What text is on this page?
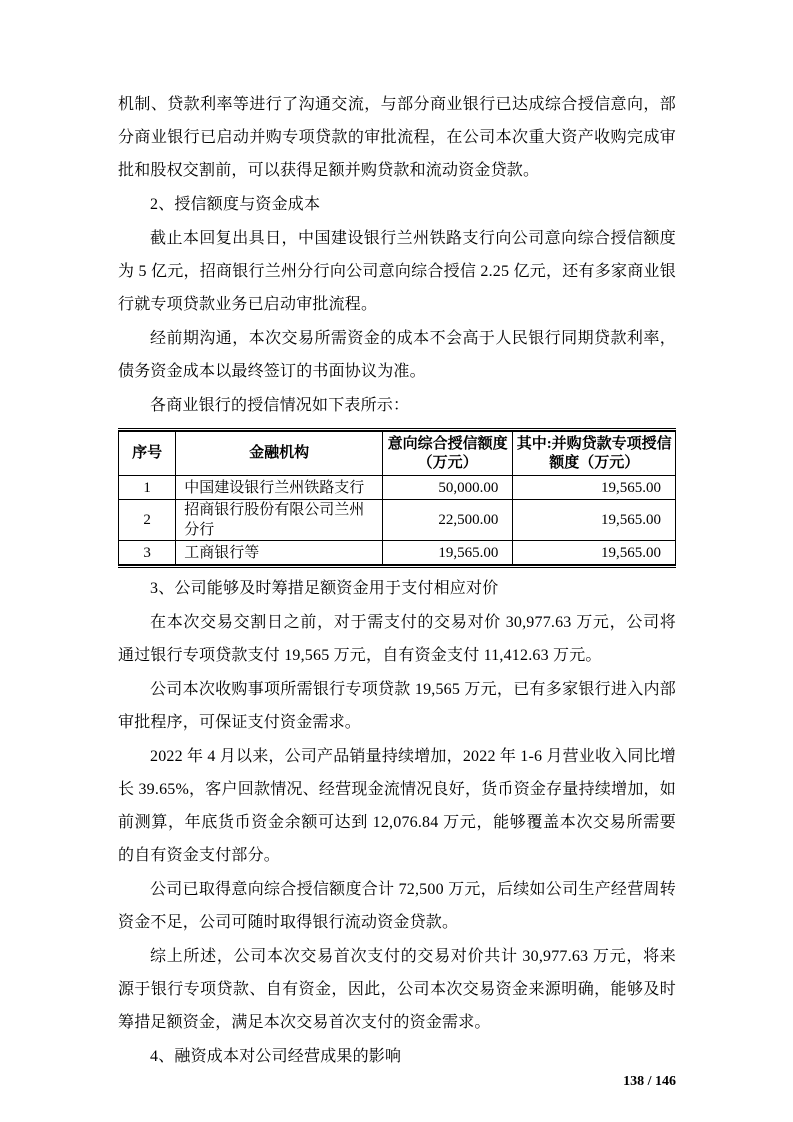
机制、贷款利率等进行了沟通交流，与部分商业银行已达成综合授信意向，部分商业银行已启动并购专项贷款的审批流程，在公司本次重大资产收购完成审批和股权交割前，可以获得足额并购贷款和流动资金贷款。

2、授信额度与资金成本

截止本回复出具日，中国建设银行兰州铁路支行向公司意向综合授信额度为 5 亿元，招商银行兰州分行向公司意向综合授信 2.25 亿元，还有多家商业银行就专项贷款业务已启动审批流程。

经前期沟通，本次交易所需资金的成本不会高于人民银行同期贷款利率，债务资金成本以最终签订的书面协议为准。

各商业银行的授信情况如下表所示：

序号	金融机构	意向综合授信额度（万元）	其中:并购贷款专项授信额度（万元）
1	中国建设银行兰州铁路支行	50,000.00	19,565.00
2	招商银行股份有限公司兰州分行	22,500.00	19,565.00
3	工商银行等	19,565.00	19,565.00

3、公司能够及时筹措足额资金用于支付相应对价

在本次交易交割日之前，对于需支付的交易对价 30,977.63 万元，公司将通过银行专项贷款支付 19,565 万元，自有资金支付 11,412.63 万元。

公司本次收购事项所需银行专项贷款 19,565 万元，已有多家银行进入内部审批程序，可保证支付资金需求。

2022 年 4 月以来，公司产品销量持续增加，2022 年 1-6 月营业收入同比增长 39.65%，客户回款情况、经营现金流情况良好，货币资金存量持续增加，如前测算，年底货币资金余额可达到 12,076.84 万元，能够覆盖本次交易所需要的自有资金支付部分。

公司已取得意向综合授信额度合计 72,500 万元，后续如公司生产经营周转资金不足，公司可随时取得银行流动资金贷款。

综上所述，公司本次交易首次支付的交易对价共计 30,977.63 万元，将来源于银行专项贷款、自有资金，因此，公司本次交易资金来源明确，能够及时筹措足额资金，满足本次交易首次支付的资金需求。

4、融资成本对公司经营成果的影响

138 / 146
